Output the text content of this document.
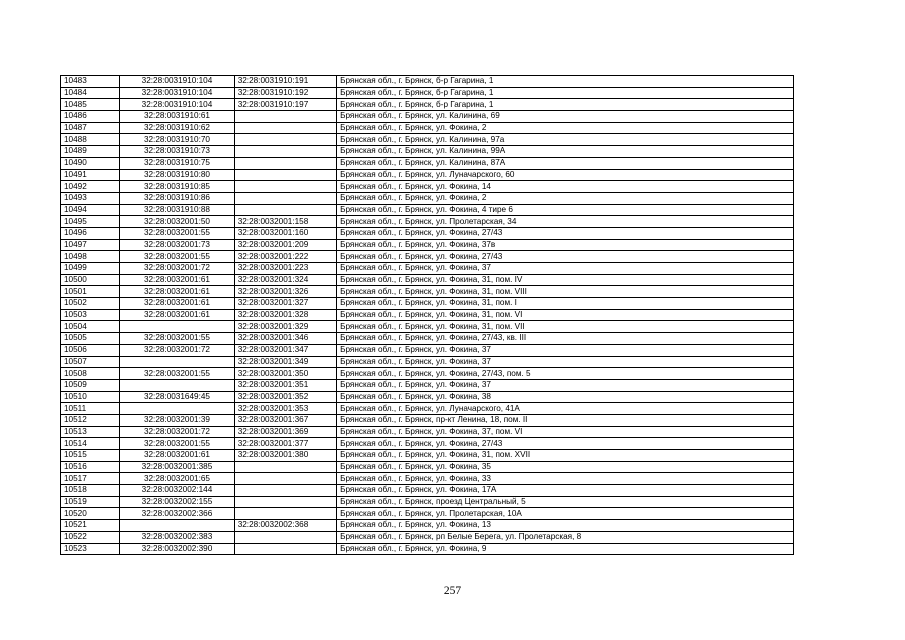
10483	32:28:0031910:104	32:28:0031910:191	Брянская обл., г. Брянск, б-р Гагарина, 1
10484	32:28:0031910:104	32:28:0031910:192	Брянская обл., г. Брянск, б-р Гагарина, 1
10485	32:28:0031910:104	32:28:0031910:197	Брянская обл., г. Брянск, б-р Гагарина, 1
10486	32:28:0031910:61		Брянская обл., г. Брянск, ул. Калинина, 69
10487	32:28:0031910:62		Брянская обл., г. Брянск, ул. Фокина, 2
10488	32:28:0031910:70		Брянская обл., г. Брянск, ул. Калинина, 97а
10489	32:28:0031910:73		Брянская обл., г. Брянск, ул. Калинина, 99А
10490	32:28:0031910:75		Брянская обл., г. Брянск, ул. Калинина, 87А
10491	32:28:0031910:80		Брянская обл., г. Брянск, ул. Луначарского, 60
10492	32:28:0031910:85		Брянская обл., г. Брянск, ул. Фокина, 14
10493	32:28:0031910:86		Брянская обл., г. Брянск, ул. Фокина, 2
10494	32:28:0031910:88		Брянская обл., г. Брянск, ул. Фокина, 4 тире 6
10495	32:28:0032001:50	32:28:0032001:158	Брянская обл., г. Брянск, ул. Пролетарская, 34
10496	32:28:0032001:55	32:28:0032001:160	Брянская обл., г. Брянск, ул. Фокина, 27/43
10497	32:28:0032001:73	32:28:0032001:209	Брянская обл., г. Брянск, ул. Фокина, 37в
10498	32:28:0032001:55	32:28:0032001:222	Брянская обл., г. Брянск, ул. Фокина, 27/43
10499	32:28:0032001:72	32:28:0032001:223	Брянская обл., г. Брянск, ул. Фокина, 37
10500	32:28:0032001:61	32:28:0032001:324	Брянская обл., г. Брянск, ул. Фокина, 31, пом. IV
10501	32:28:0032001:61	32:28:0032001:326	Брянская обл., г. Брянск, ул. Фокина, 31, пом. VIII
10502	32:28:0032001:61	32:28:0032001:327	Брянская обл., г. Брянск, ул. Фокина, 31, пом. I
10503	32:28:0032001:61	32:28:0032001:328	Брянская обл., г. Брянск, ул. Фокина, 31, пом. VI
10504		32:28:0032001:329	Брянская обл., г. Брянск, ул. Фокина, 31, пом. VII
10505	32:28:0032001:55	32:28:0032001:346	Брянская обл., г. Брянск, ул. Фокина, 27/43, кв. III
10506	32:28:0032001:72	32:28:0032001:347	Брянская обл., г. Брянск, ул. Фокина, 37
10507		32:28:0032001:349	Брянская обл., г. Брянск, ул. Фокина, 37
10508	32:28:0032001:55	32:28:0032001:350	Брянская обл., г. Брянск, ул. Фокина, 27/43, пом. 5
10509		32:28:0032001:351	Брянская обл., г. Брянск, ул. Фокина, 37
10510	32:28:0031649:45	32:28:0032001:352	Брянская обл., г. Брянск, ул. Фокина, 38
10511		32:28:0032001:353	Брянская обл., г. Брянск, ул. Луначарского, 41А
10512	32:28:0032001:39	32:28:0032001:367	Брянская обл., г. Брянск, пр-кт Ленина, 18, пом. II
10513	32:28:0032001:72	32:28:0032001:369	Брянская обл., г. Брянск, ул. Фокина, 37, пом. VI
10514	32:28:0032001:55	32:28:0032001:377	Брянская обл., г. Брянск, ул. Фокина, 27/43
10515	32:28:0032001:61	32:28:0032001:380	Брянская обл., г. Брянск, ул. Фокина, 31, пом. XVII
10516	32:28:0032001:385		Брянская обл., г. Брянск, ул. Фокина, 35
10517	32:28:0032001:65		Брянская обл., г. Брянск, ул. Фокина, 33
10518	32:28:0032002:144		Брянская обл., г. Брянск, ул. Фокина, 17А
10519	32:28:0032002:155		Брянская обл., г. Брянск, проезд Центральный, 5
10520	32:28:0032002:366		Брянская обл., г. Брянск, ул. Пролетарская, 10А
10521		32:28:0032002:368	Брянская обл., г. Брянск, ул. Фокина, 13
10522	32:28:0032002:383		Брянская обл., г. Брянск, рп Белые Берега, ул. Пролетарская, 8
10523	32:28:0032002:390		Брянская обл., г. Брянск, ул. Фокина, 9
257
